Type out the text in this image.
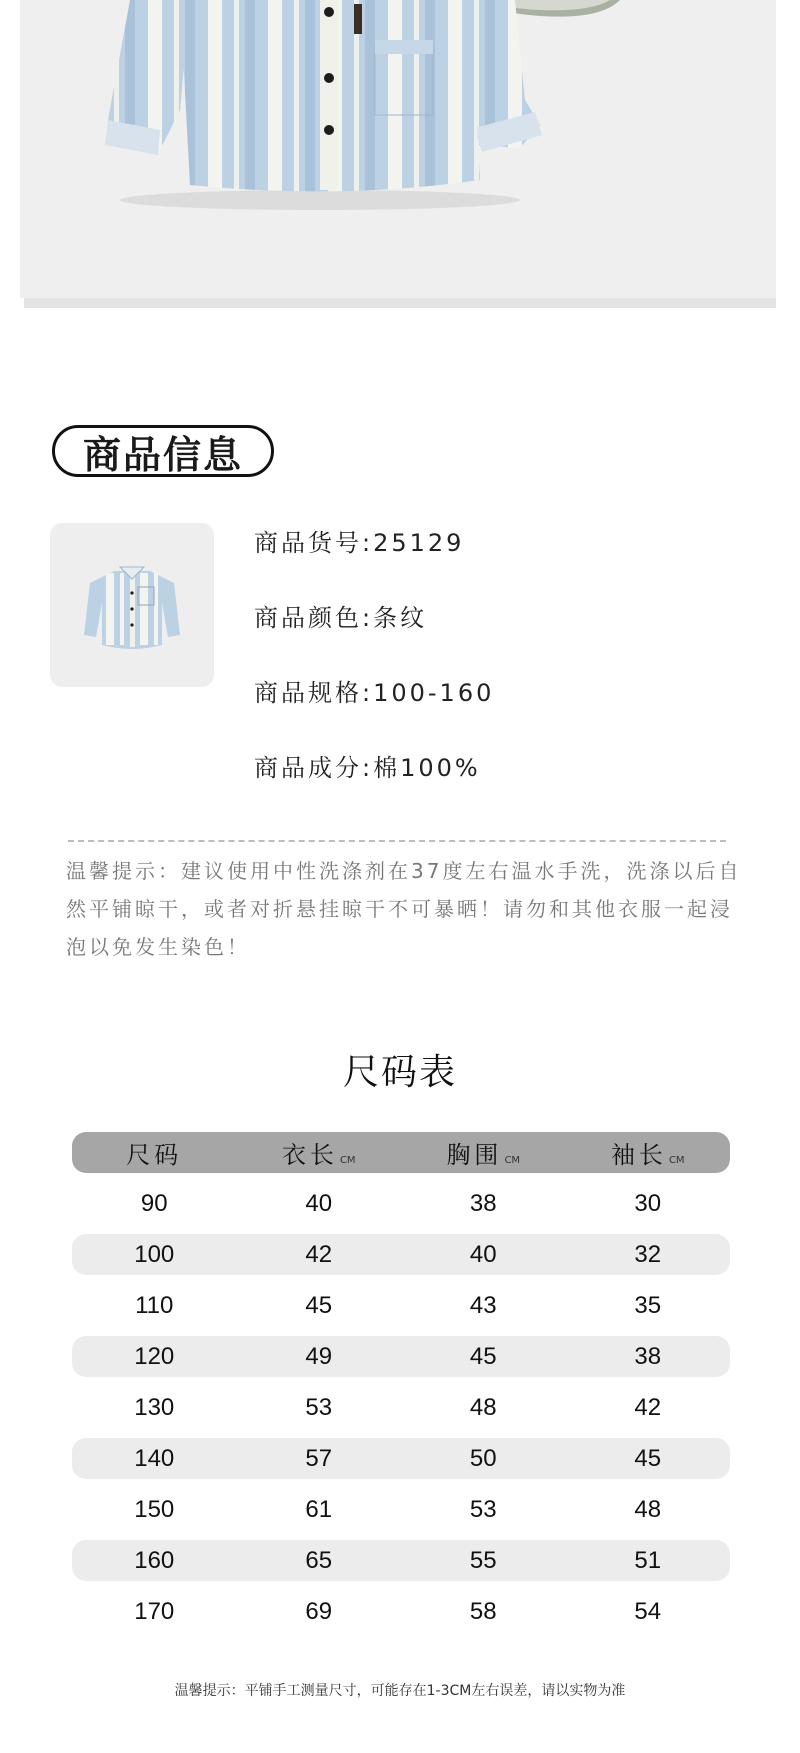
商品信息
商品货号:25129
商品颜色:条纹
商品规格:100-160
商品成分:棉100%
温馨提示：建议使用中性洗涤剂在37度左右温水手洗，洗涤以后自然平铺晾干，或者对折悬挂晾干不可暴晒！请勿和其他衣服一起浸泡以免发生染色！
尺码表
尺码	衣长 CM	胸围 CM	袖长 CM
90	40	38	30
100	42	40	32
110	45	43	35
120	49	45	38
130	53	48	42
140	57	50	45
150	61	53	48
160	65	55	51
170	69	58	54
温馨提示：平铺手工测量尺寸，可能存在1-3CM左右误差，请以实物为准
